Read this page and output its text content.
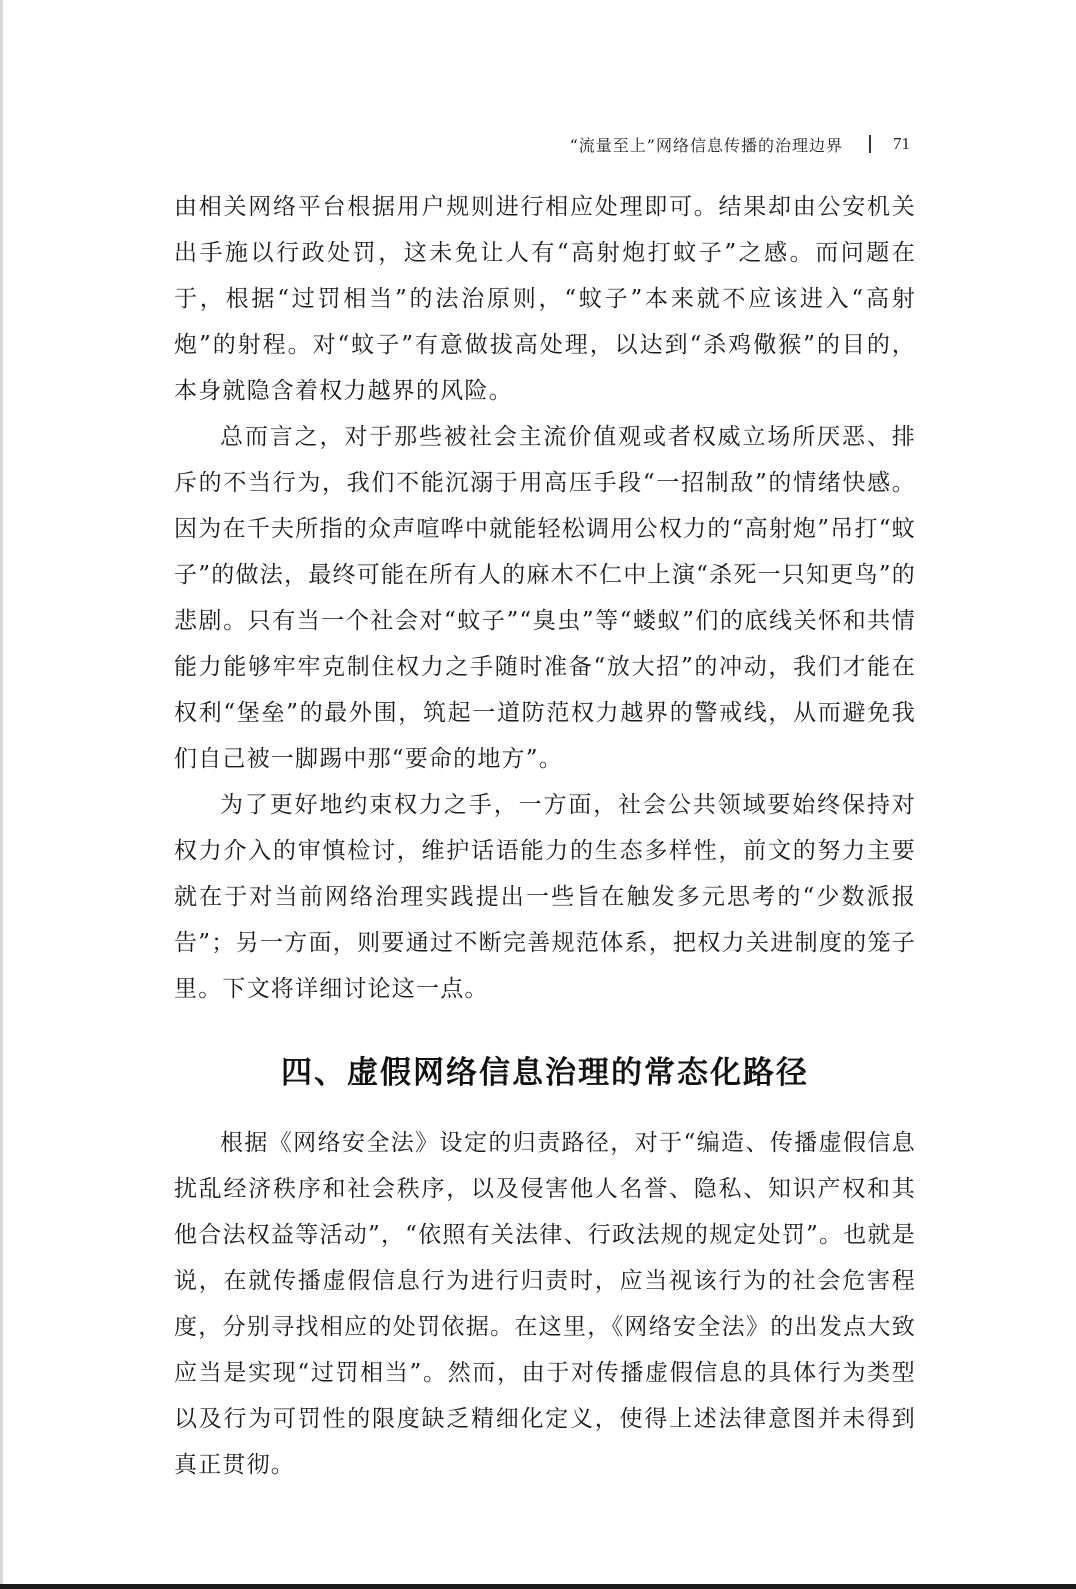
“流量至上”网络信息传播的治理边界	71

由相关网络平台根据用户规则进行相应处理即可。结果却由公安机关出手施以行政处罚，这未免让人有“高射炮打蚊子”之感。而问题在于，根据“过罚相当”的法治原则，“蚊子”本来就不应该进入“高射炮”的射程。对“蚊子”有意做拔高处理，以达到“杀鸡儆猴”的目的，本身就隐含着权力越界的风险。

总而言之，对于那些被社会主流价值观或者权威立场所厌恶、排斥的不当行为，我们不能沉溺于用高压手段“一招制敌”的情绪快感。因为在千夫所指的众声喧哗中就能轻松调用公权力的“高射炮”吊打“蚊子”的做法，最终可能在所有人的麻木不仁中上演“杀死一只知更鸟”的悲剧。只有当一个社会对“蚊子”“臭虫”等“蝼蚁”们的底线关怀和共情能力能够牢牢克制住权力之手随时准备“放大招”的冲动，我们才能在权利“堡垒”的最外围，筑起一道防范权力越界的警戒线，从而避免我们自己被一脚踢中那“要命的地方”。

为了更好地约束权力之手，一方面，社会公共领域要始终保持对权力介入的审慎检讨，维护话语能力的生态多样性，前文的努力主要就在于对当前网络治理实践提出一些旨在触发多元思考的“少数派报告”；另一方面，则要通过不断完善规范体系，把权力关进制度的笼子里。下文将详细讨论这一点。

四、虚假网络信息治理的常态化路径

根据《网络安全法》设定的归责路径，对于“编造、传播虚假信息扰乱经济秩序和社会秩序，以及侵害他人名誉、隐私、知识产权和其他合法权益等活动”，“依照有关法律、行政法规的规定处罚”。也就是说，在就传播虚假信息行为进行归责时，应当视该行为的社会危害程度，分别寻找相应的处罚依据。在这里，《网络安全法》的出发点大致应当是实现“过罚相当”。然而，由于对传播虚假信息的具体行为类型以及行为可罚性的限度缺乏精细化定义，使得上述法律意图并未得到真正贯彻。
